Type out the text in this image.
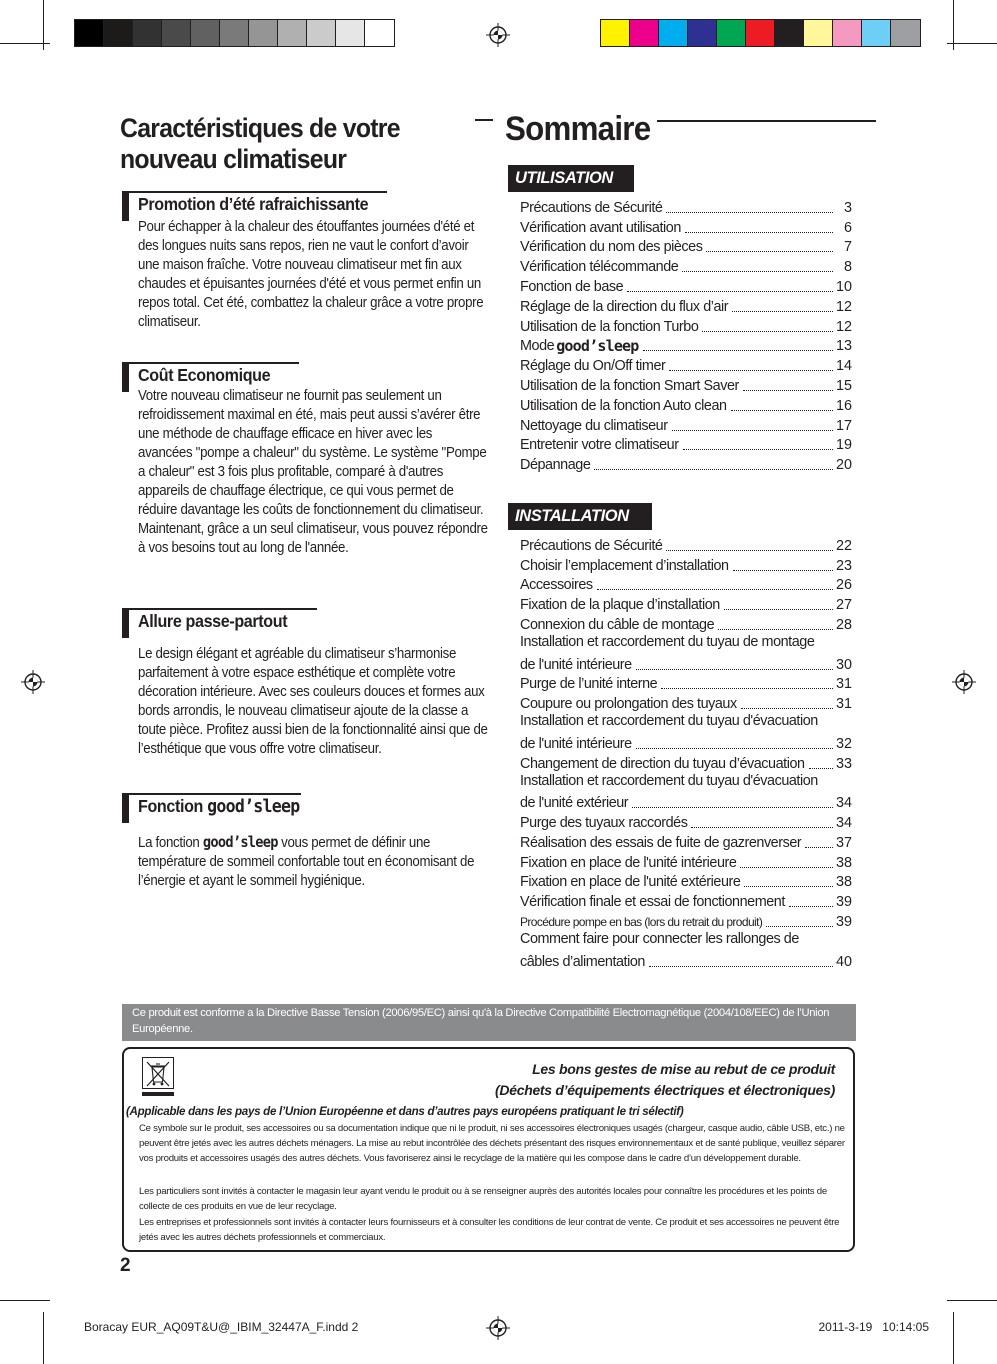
Caractéristiques de votre nouveau climatiseur
Promotion d’été rafraichissante
Pour échapper à la chaleur des étouffantes journées d'été et des longues nuits sans repos, rien ne vaut le confort d’avoir une maison fraîche. Votre nouveau climatiseur met fin aux chaudes et épuisantes journées d'été et vous permet enfin un repos total. Cet été, combattez la chaleur grâce a votre propre climatiseur.
Coût Economique
Votre nouveau climatiseur ne fournit pas seulement un refroidissement maximal en été, mais peut aussi s’avérer être une méthode de chauffage efficace en hiver avec les avancées "pompe a chaleur" du système. Le système "Pompe a chaleur" est 3 fois plus profitable, comparé à d'autres appareils de chauffage électrique, ce qui vous permet de réduire davantage les coûts de fonctionnement du climatiseur. Maintenant, grâce a un seul climatiseur, vous pouvez répondre à vos besoins tout au long de l'année.
Allure passe-partout
Le design élégant et agréable du climatiseur s’harmonise parfaitement à votre espace esthétique et complète votre décoration intérieure. Avec ses couleurs douces et formes aux bords arrondis, le nouveau climatiseur ajoute de la classe a toute pièce. Profitez aussi bien de la fonctionnalité ainsi que de l’esthétique que vous offre votre climatiseur.
Fonction good’sleep
La fonction good’sleep vous permet de définir une température de sommeil confortable tout en économisant de l’énergie et ayant le sommeil hygiénique.
Sommaire
UTILISATION
Précautions de Sécurité	3
Vérification avant utilisation	6
Vérification du nom des pièces	7
Vérification télécommande	8
Fonction de base	10
Réglage de la direction du flux d’air	12
Utilisation de la fonction Turbo	12
Mode good’sleep	13
Réglage du On/Off timer	14
Utilisation de la fonction Smart Saver	15
Utilisation de la fonction Auto clean	16
Nettoyage du climatiseur	17
Entretenir votre climatiseur	19
Dépannage	20
INSTALLATION
Précautions de Sécurité	22
Choisir l’emplacement d’installation	23
Accessoires	26
Fixation de la plaque d’installation	27
Connexion du câble de montage	28
Installation et raccordement du tuyau de montage
de l'unité intérieure	30
Purge de l’unité interne	31
Coupure ou prolongation des tuyaux	31
Installation et raccordement du tuyau d'évacuation
de l'unité intérieure	32
Changement de direction du tuyau d’évacuation 33
Installation et raccordement du tuyau d'évacuation
de l'unité extérieur	34
Purge des tuyaux raccordés	34
Réalisation des essais de fuite de gazrenverser 37
Fixation en place de l'unité intérieure	38
Fixation en place de l'unité extérieure	38
Vérification finale et essai de fonctionnement	39
Procédure pompe en bas (lors du retrait du produit)	39
Comment faire pour connecter les rallonges de
câbles d’alimentation	40
Ce produit est conforme a la Directive Basse Tension (2006/95/EC) ainsi qu'à la Directive Compatibilité Electromagnétique (2004/108/EEC) de l’Union Européenne.
Les bons gestes de mise au rebut de ce produit
(Déchets d’équipements électriques et électroniques)
(Applicable dans les pays de l’Union Européenne et dans d’autres pays européens pratiquant le tri sélectif)
Ce symbole sur le produit, ses accessoires ou sa documentation indique que ni le produit, ni ses accessoires électroniques usagés (chargeur, casque audio, câble USB, etc.) ne peuvent être jetés avec les autres déchets ménagers. La mise au rebut incontrôlée des déchets présentant des risques environnementaux et de santé publique, veuillez séparer vos produits et accessoires usagés des autres déchets. Vous favoriserez ainsi le recyclage de la matière qui les compose dans le cadre d’un développement durable.
Les particuliers sont invités à contacter le magasin leur ayant vendu le produit ou à se renseigner auprès des autorités locales pour connaître les procédures et les points de collecte de ces produits en vue de leur recyclage.
Les entreprises et professionnels sont invités à contacter leurs fournisseurs et à consulter les conditions de leur contrat de vente. Ce produit et ses accessoires ne peuvent être jetés avec les autres déchets professionnels et commerciaux.
2
Boracay EUR_AQ09T&U@_IBIM_32447A_F.indd 2	2011-3-19   10:14:05
